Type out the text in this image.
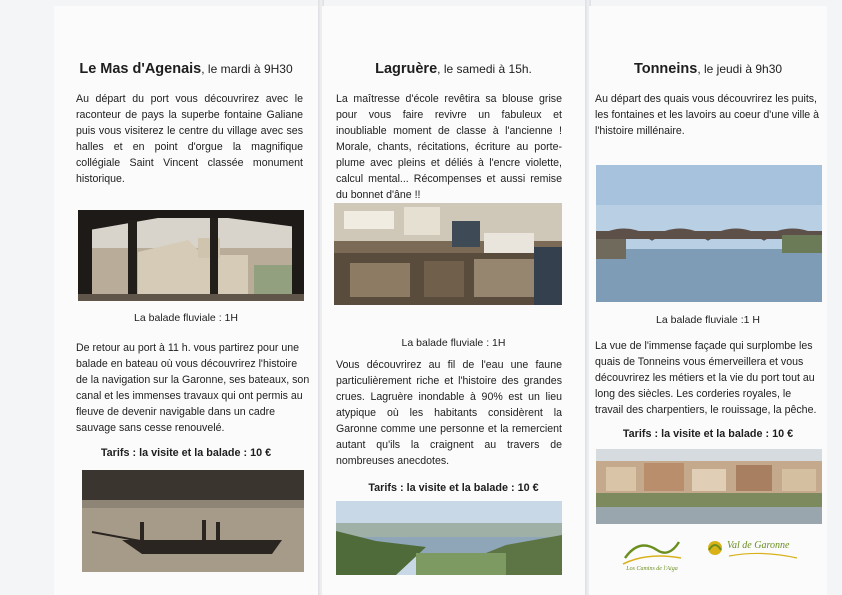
Le Mas d'Agenais, le mardi à 9H30

Au départ du port vous découvrirez avec le raconteur de pays la superbe fontaine Galiane puis vous visiterez le centre du village avec ses halles et en point d'orgue la magnifique collégiale Saint Vincent classée monument historique.

La balade fluviale : 1H

De retour au port à 11 h. vous partirez pour une balade en bateau où vous découvrirez l'histoire de la navigation sur la Garonne, ses bateaux, son canal et les immenses travaux qui ont permis au fleuve de devenir navigable dans un cadre sauvage sans cesse renouvelé.

Tarifs : la visite et la balade : 10 €

Lagruère, le samedi à 15h.

La maîtresse d'école revêtira sa blouse grise pour vous faire revivre un fabuleux et inoubliable moment de classe à l'ancienne ! Morale, chants, récitations, écriture au porte-plume avec pleins et déliés à l'encre violette, calcul mental... Récompenses et aussi remise du bonnet d'âne !!

La balade fluviale : 1H

Vous découvrirez au fil de l'eau une faune particulièrement riche et l'histoire des grandes crues. Lagruère inondable à 90% est un lieu atypique où les habitants considèrent la Garonne comme une personne et la remercient autant qu'ils la craignent au travers de nombreuses anecdotes.

Tarifs : la visite et la balade : 10 €

Tonneins, le jeudi à 9h30

Au départ des quais vous découvrirez les puits, les fontaines et les lavoirs au coeur d'une ville à l'histoire millénaire.

La balade fluviale :1 H

La vue de l'immense façade qui surplombe les quais de Tonneins vous émerveillera et vous découvrirez les métiers et la vie du port tout au long des siècles. Les corderies royales, le travail des charpentiers, le rouissage, la pêche.

Tarifs : la visite et la balade : 10 €

Los Camins de l'Aiga
Val de Garonne
